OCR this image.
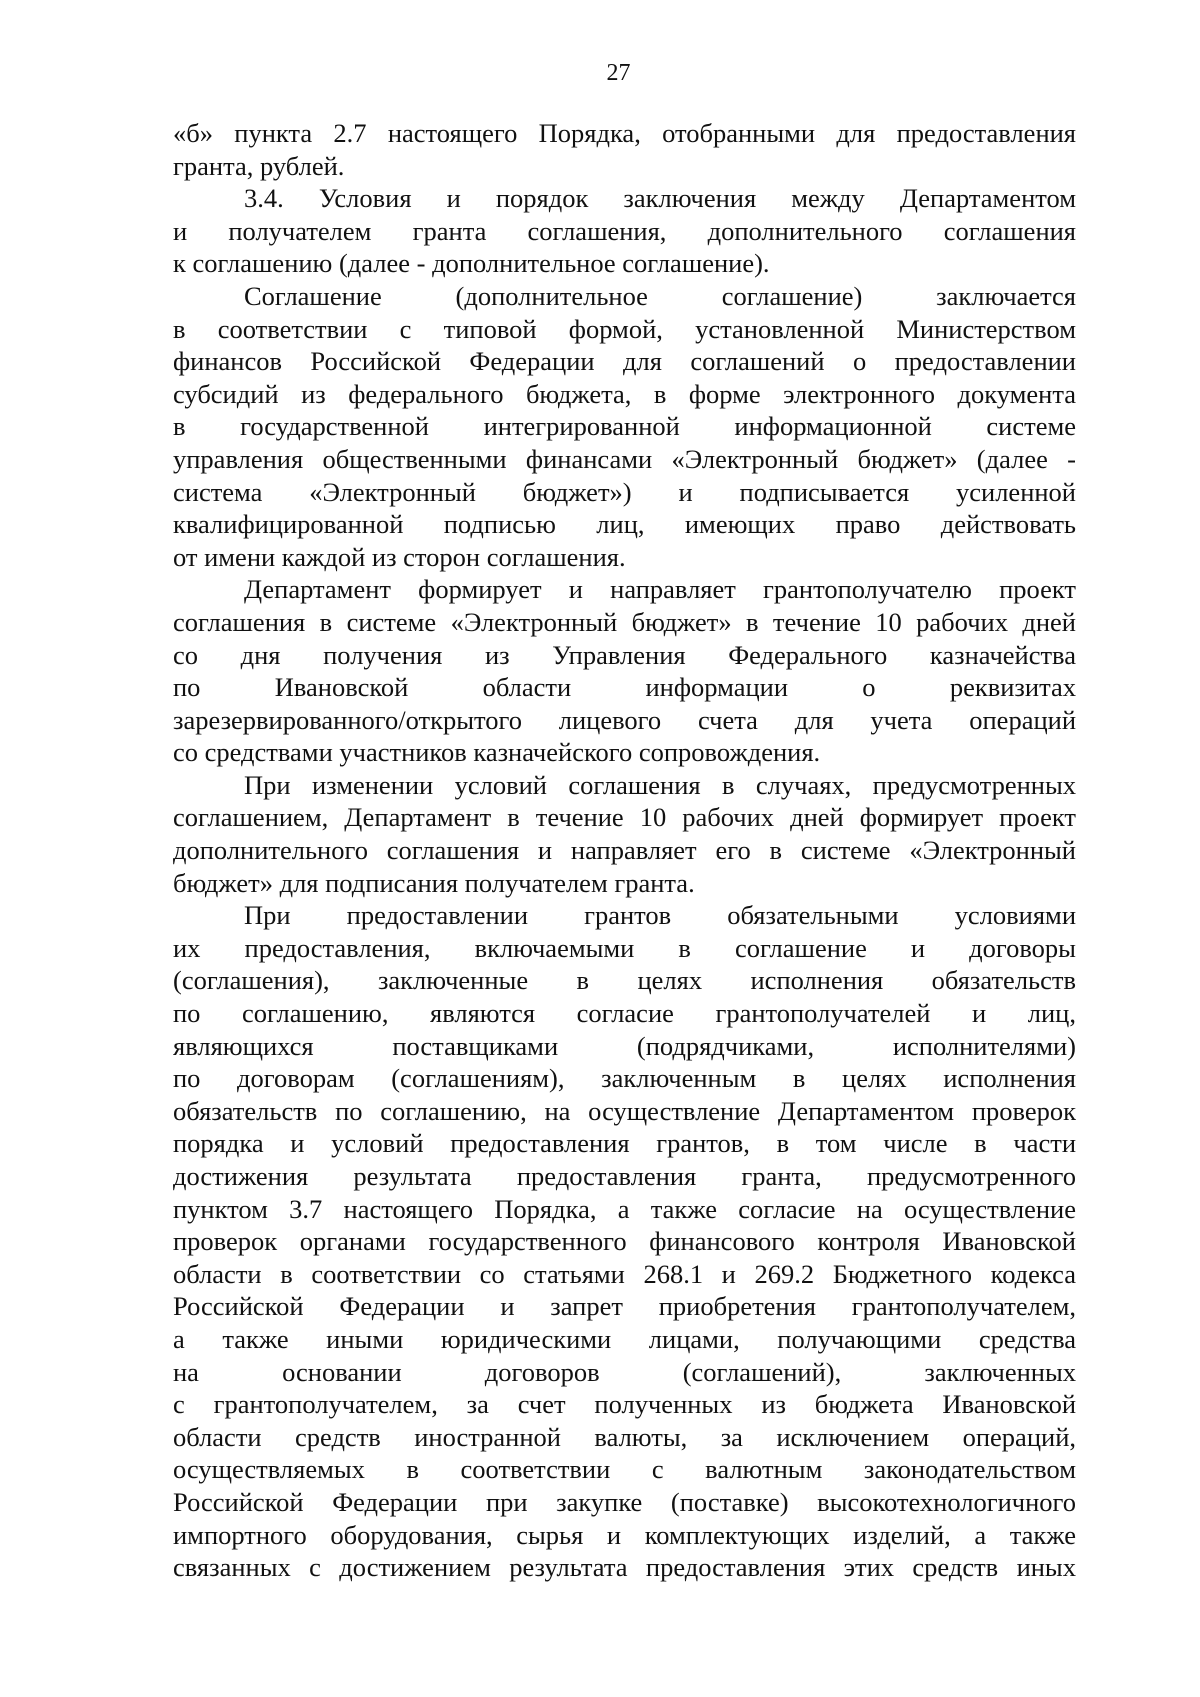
27
«б» пункта 2.7 настоящего Порядка, отобранными для предоставления
гранта, рублей.
3.4. Условия и порядок заключения между Департаментом
и получателем гранта соглашения, дополнительного соглашения
к соглашению (далее - дополнительное соглашение).
Соглашение (дополнительное соглашение) заключается
в соответствии с типовой формой, установленной Министерством
финансов Российской Федерации для соглашений о предоставлении
субсидий из федерального бюджета, в форме электронного документа
в государственной интегрированной информационной системе
управления общественными финансами «Электронный бюджет» (далее -
система «Электронный бюджет») и подписывается усиленной
квалифицированной подписью лиц, имеющих право действовать
от имени каждой из сторон соглашения.
Департамент формирует и направляет грантополучателю проект
соглашения в системе «Электронный бюджет» в течение 10 рабочих дней
со дня получения из Управления Федерального казначейства
по Ивановской области информации о реквизитах
зарезервированного/открытого лицевого счета для учета операций
со средствами участников казначейского сопровождения.
При изменении условий соглашения в случаях, предусмотренных
соглашением, Департамент в течение 10 рабочих дней формирует проект
дополнительного соглашения и направляет его в системе «Электронный
бюджет» для подписания получателем гранта.
При предоставлении грантов обязательными условиями
их предоставления, включаемыми в соглашение и договоры
(соглашения), заключенные в целях исполнения обязательств
по соглашению, являются согласие грантополучателей и лиц,
являющихся поставщиками (подрядчиками, исполнителями)
по договорам (соглашениям), заключенным в целях исполнения
обязательств по соглашению, на осуществление Департаментом проверок
порядка и условий предоставления грантов, в том числе в части
достижения результата предоставления гранта, предусмотренного
пунктом 3.7 настоящего Порядка, а также согласие на осуществление
проверок органами государственного финансового контроля Ивановской
области в соответствии со статьями 268.1 и 269.2 Бюджетного кодекса
Российской Федерации и запрет приобретения грантополучателем,
а также иными юридическими лицами, получающими средства
на основании договоров (соглашений), заключенных
с грантополучателем, за счет полученных из бюджета Ивановской
области средств иностранной валюты, за исключением операций,
осуществляемых в соответствии с валютным законодательством
Российской Федерации при закупке (поставке) высокотехнологичного
импортного оборудования, сырья и комплектующих изделий, а также
связанных с достижением результата предоставления этих средств иных
